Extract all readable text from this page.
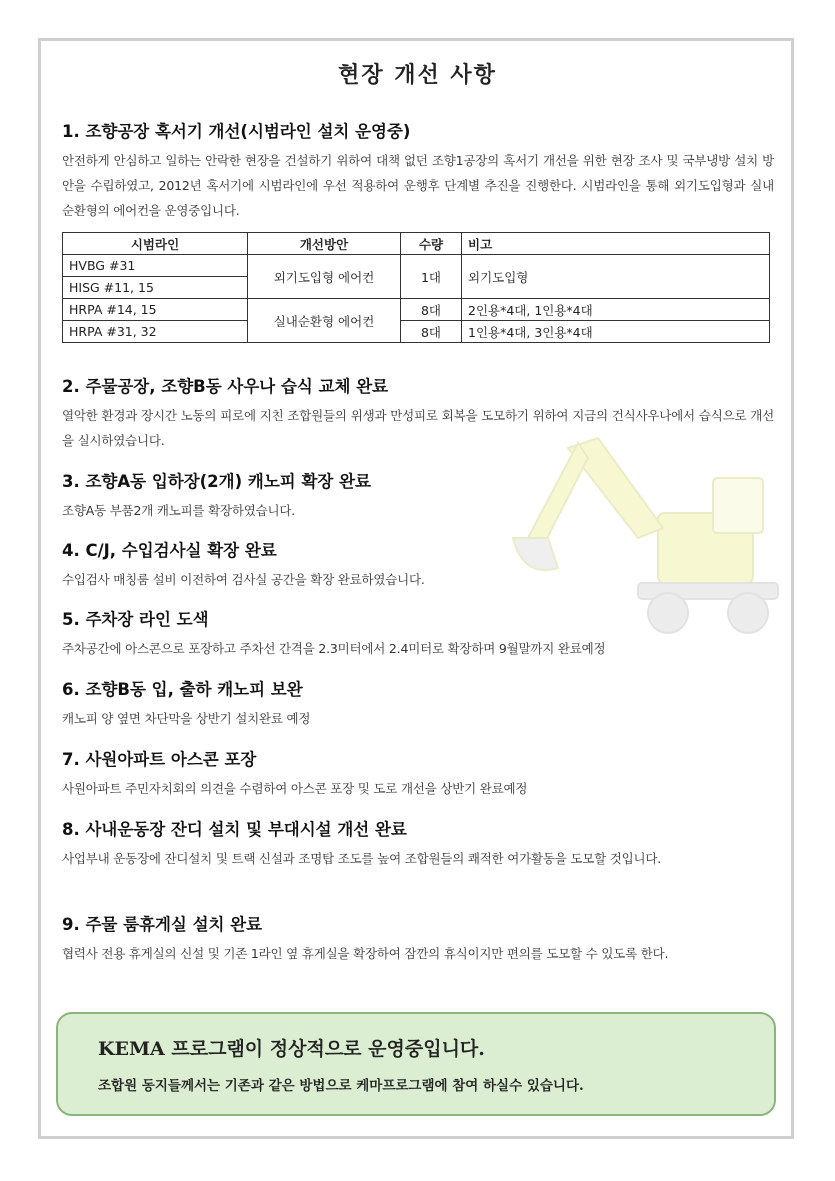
현장 개선 사항
1. 조향공장 혹서기 개선(시범라인 설치 운영중)

안전하게 안심하고 일하는 안락한 현장을 건설하기 위하여 대책 없던 조향1공장의 혹서기 개선을 위한 현장 조사 및 국부냉방 설치 방안을 수립하였고, 2012년 혹서기에 시범라인에 우선 적용하여 운행후 단계별 추진을 진행한다. 시범라인을 통해 외기도입형과 실내 순환형의 에어컨을 운영중입니다.

시범라인	개선방안	수량	비고
HVBG #31	외기도입형 에어컨	1대	외기도입형
HISG #11, 15			
HRPA #14, 15	실내순환형 에어컨	8대	2인용*4대, 1인용*4대
HRPA #31, 32		8대	1인용*4대, 3인용*4대
2. 주물공장, 조향B동 사우나 습식 교체 완료

열악한 환경과 장시간 노동의 피로에 지친 조합원들의 위생과 만성피로 회복을 도모하기 위하여 지금의 건식사우나에서 습식으로 개선을 실시하였습니다.

3. 조향A동 입하장(2개) 캐노피 확장 완료

조향A동 부품2개 캐노피를 확장하였습니다.

4. C/J, 수입검사실 확장 완료

수입검사 매칭룸 설비 이전하여 검사실 공간을 확장 완료하였습니다.

5. 주차장 라인 도색

주차공간에 아스콘으로 포장하고 주차선 간격을 2.3미터에서 2.4미터로 확장하며 9월말까지 완료예정

6. 조향B동 입, 출하 캐노피 보완

캐노피 양 옆면 차단막을 상반기 설치완료 예정

7. 사원아파트 아스콘 포장

사원아파트 주민자치회의 의견을 수렴하여 아스콘 포장 및 도로 개선을 상반기 완료예정

8. 사내운동장 잔디 설치 및 부대시설 개선 완료

사업부내 운동장에 잔디설치 및 트랙 신설과 조명탑 조도를 높여 조합원들의 쾌적한 여가활동을 도모할 것입니다.

9. 주물 룸휴게실 설치 완료

협력사 전용 휴게실의 신설 및 기존 1라인 옆 휴게실을 확장하여 잠깐의 휴식이지만 편의를 도모할 수 있도록 한다.

KEMA 프로그램이 정상적으로 운영중입니다.
조합원 동지들께서는 기존과 같은 방법으로 케마프로그램에 참여 하실수 있습니다.
